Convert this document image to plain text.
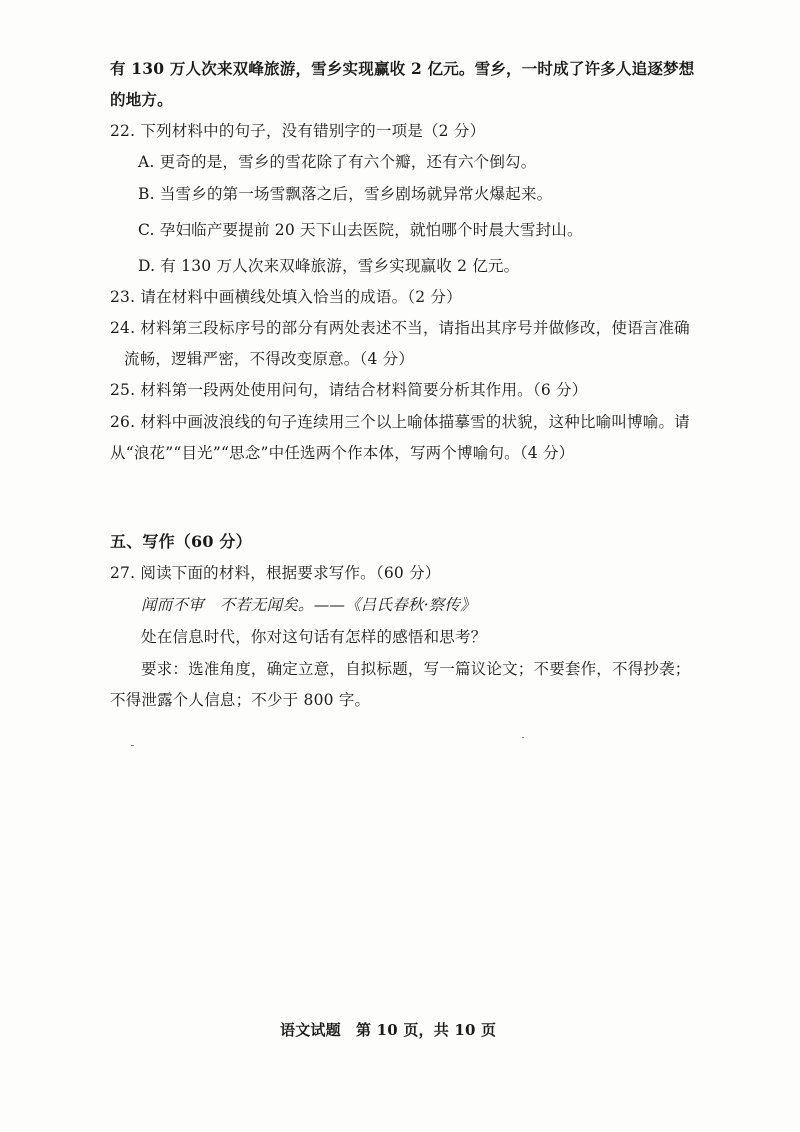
有 130 万人次来双峰旅游，雪乡实现赢收 2 亿元。雪乡，一时成了许多人追逐梦想
的地方。
22. 下列材料中的句子，没有错别字的一项是（2 分）
A. 更奇的是，雪乡的雪花除了有六个瓣，还有六个倒勾。
B. 当雪乡的第一场雪飘落之后，雪乡剧场就异常火爆起来。
C. 孕妇临产要提前 20 天下山去医院，就怕哪个时晨大雪封山。
D. 有 130 万人次来双峰旅游，雪乡实现赢收 2 亿元。
23. 请在材料中画横线处填入恰当的成语。（2 分）
24. 材料第三段标序号的部分有两处表述不当，请指出其序号并做修改，使语言准确
流畅，逻辑严密，不得改变原意。（4 分）
25. 材料第一段两处使用问句，请结合材料简要分析其作用。（6 分）
26. 材料中画波浪线的句子连续用三个以上喻体描摹雪的状貌，这种比喻叫博喻。请
从“浪花”“目光”“思念”中任选两个作本体，写两个博喻句。（4 分）
五、写作（60 分）
27. 阅读下面的材料，根据要求写作。（60 分）
闻而不审　不若无闻矣。——《吕氏春秋·察传》
处在信息时代，你对这句话有怎样的感悟和思考？
要求：选准角度，确定立意，自拟标题，写一篇议论文；不要套作，不得抄袭；
不得泄露个人信息；不少于 800 字。
语文试题　第 10 页，共 10 页
